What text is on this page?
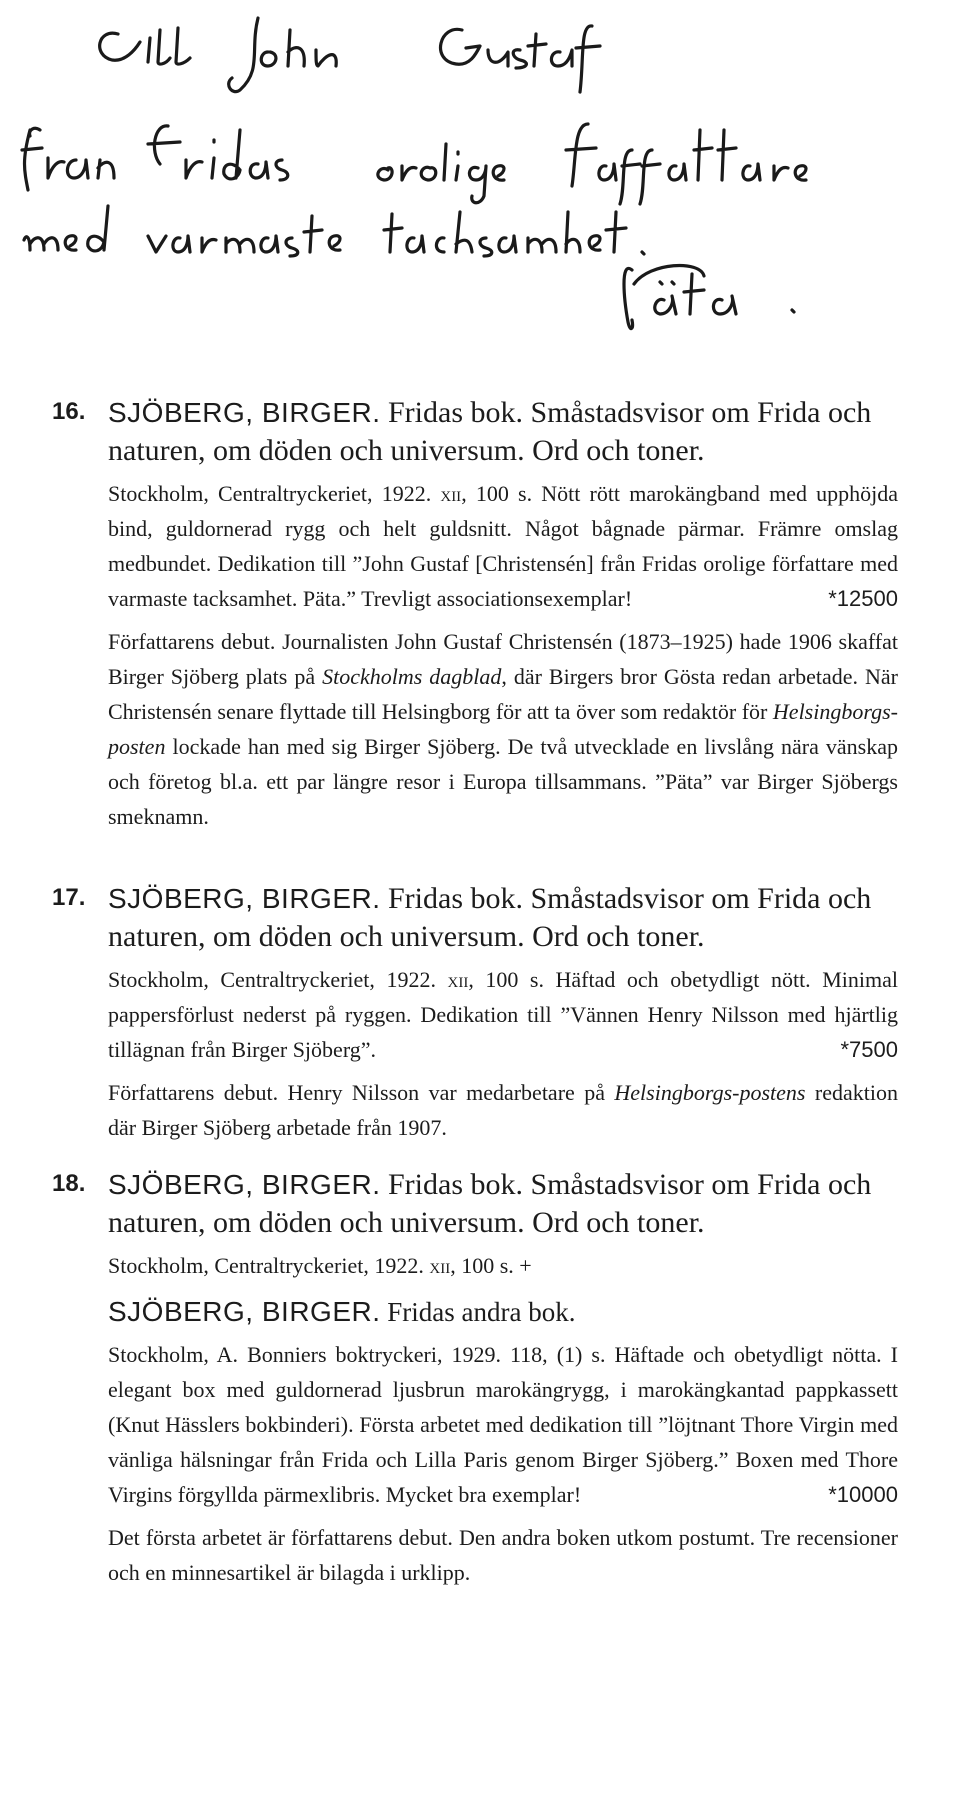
16. SJÖBERG, BIRGER. Fridas bok. Småstadsvisor om Frida och naturen, om döden och universum. Ord och toner.

Stockholm, Centraltryckeriet, 1922. xii, 100 s. Nött rött marokängband med upphöjda bind, guldornerad rygg och helt guldsnitt. Något bågnade pärmar. Främre omslag medbundet. Dedikation till ”John Gustaf [Christensén] från Fridas orolige författare med varmaste tacksamhet. Päta.” Trevligt associationsexemplar!	*12500

Författarens debut. Journalisten John Gustaf Christensén (1873–1925) hade 1906 skaffat Birger Sjöberg plats på Stockholms dagblad, där Birgers bror Gösta redan arbetade. När Christensén senare flyttade till Helsingborg för att ta över som redaktör för Helsingborgs-posten lockade han med sig Birger Sjöberg. De två utvecklade en livslång nära vänskap och företog bl.a. ett par längre resor i Europa tillsammans. ”Päta” var Birger Sjöbergs smeknamn.

17. SJÖBERG, BIRGER. Fridas bok. Småstadsvisor om Frida och naturen, om döden och universum. Ord och toner.

Stockholm, Centraltryckeriet, 1922. xii, 100 s. Häftad och obetydligt nött. Minimal pappersförlust nederst på ryggen. Dedikation till ”Vännen Henry Nilsson med hjärtlig tillägnan från Birger Sjöberg”.	*7500

Författarens debut. Henry Nilsson var medarbetare på Helsingborgs-postens redaktion där Birger Sjöberg arbetade från 1907.

18. SJÖBERG, BIRGER. Fridas bok. Småstadsvisor om Frida och naturen, om döden och universum. Ord och toner.

Stockholm, Centraltryckeriet, 1922. xii, 100 s. +

SJÖBERG, BIRGER. Fridas andra bok.

Stockholm, A. Bonniers boktryckeri, 1929. 118, (1) s. Häftade och obetydligt nötta. I elegant box med guldornerad ljusbrun marokängrygg, i marokängkantad pappkassett (Knut Hässlers bokbinderi). Första arbetet med dedikation till ”löjtnant Thore Virgin med vänliga hälsningar från Frida och Lilla Paris genom Birger Sjöberg.” Boxen med Thore Virgins förgyllda pärmexlibris. Mycket bra exemplar!	*10000

Det första arbetet är författarens debut. Den andra boken utkom postumt. Tre recensioner och en minnesartikel är bilagda i urklipp.
